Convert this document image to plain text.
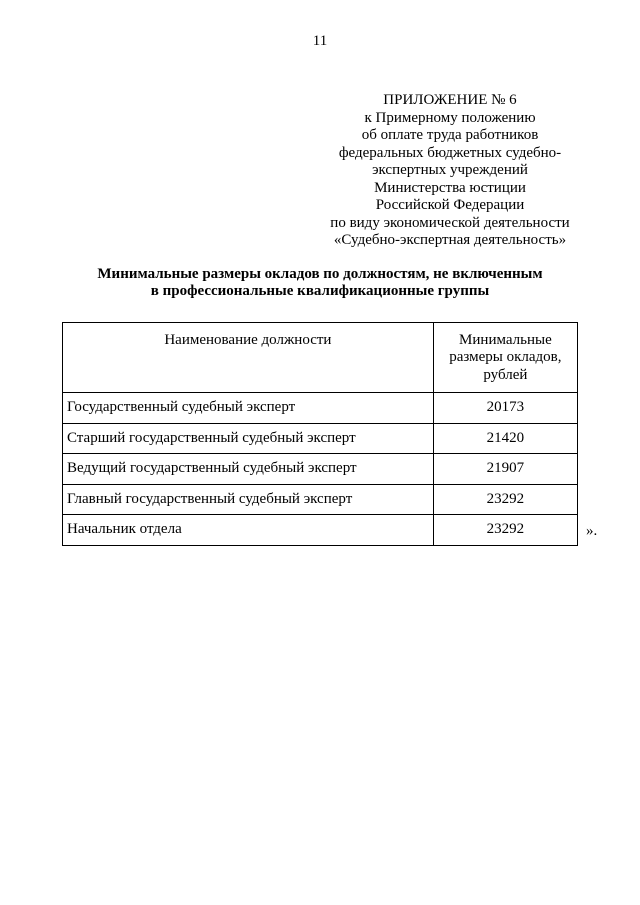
11
ПРИЛОЖЕНИЕ № 6
к Примерному положению
об оплате труда работников
федеральных бюджетных судебно-
экспертных учреждений
Министерства юстиции
Российской Федерации
по виду экономической деятельности
«Судебно-экспертная деятельность»
Минимальные размеры окладов по должностям, не включенным
в профессиональные квалификационные группы
Наименование должности	Минимальные размеры окладов, рублей
Государственный судебный эксперт	20173
Старший государственный судебный эксперт	21420
Ведущий государственный судебный эксперт	21907
Главный государственный судебный эксперт	23292
Начальник отдела	23292	».
